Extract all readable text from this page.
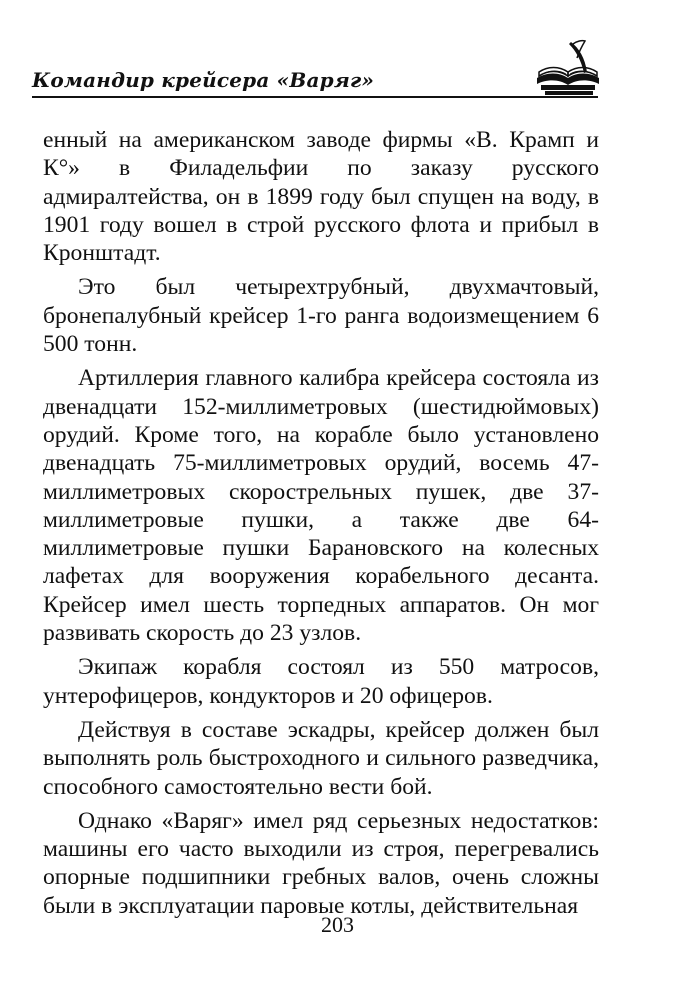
Командир крейсера «Варяг»

енный на американском заводе фирмы «В. Крамп и К°» в Филадельфии по заказу русского адмиралтейства, он в 1899 году был спущен на воду, в 1901 году вошел в строй русского флота и прибыл в Кронштадт.

Это был четырехтрубный, двухмачтовый, бронепалубный крейсер 1-го ранга водоизмещением 6 500 тонн.

Артиллерия главного калибра крейсера состояла из двенадцати 152-миллиметровых (шестидюймовых) орудий. Кроме того, на корабле было установлено двенадцать 75-миллиметровых орудий, восемь 47-миллиметровых скорострельных пушек, две 37-миллиметровые пушки, а также две 64-миллиметровые пушки Барановского на колесных лафетах для вооружения корабельного десанта. Крейсер имел шесть торпедных аппаратов. Он мог развивать скорость до 23 узлов.

Экипаж корабля состоял из 550 матросов, унтерофицеров, кондукторов и 20 офицеров.

Действуя в составе эскадры, крейсер должен был выполнять роль быстроходного и сильного разведчика, способного самостоятельно вести бой.

Однако «Варяг» имел ряд серьезных недостатков: машины его часто выходили из строя, перегревались опорные подшипники гребных валов, очень сложны были в эксплуатации паровые котлы, действительная

203
